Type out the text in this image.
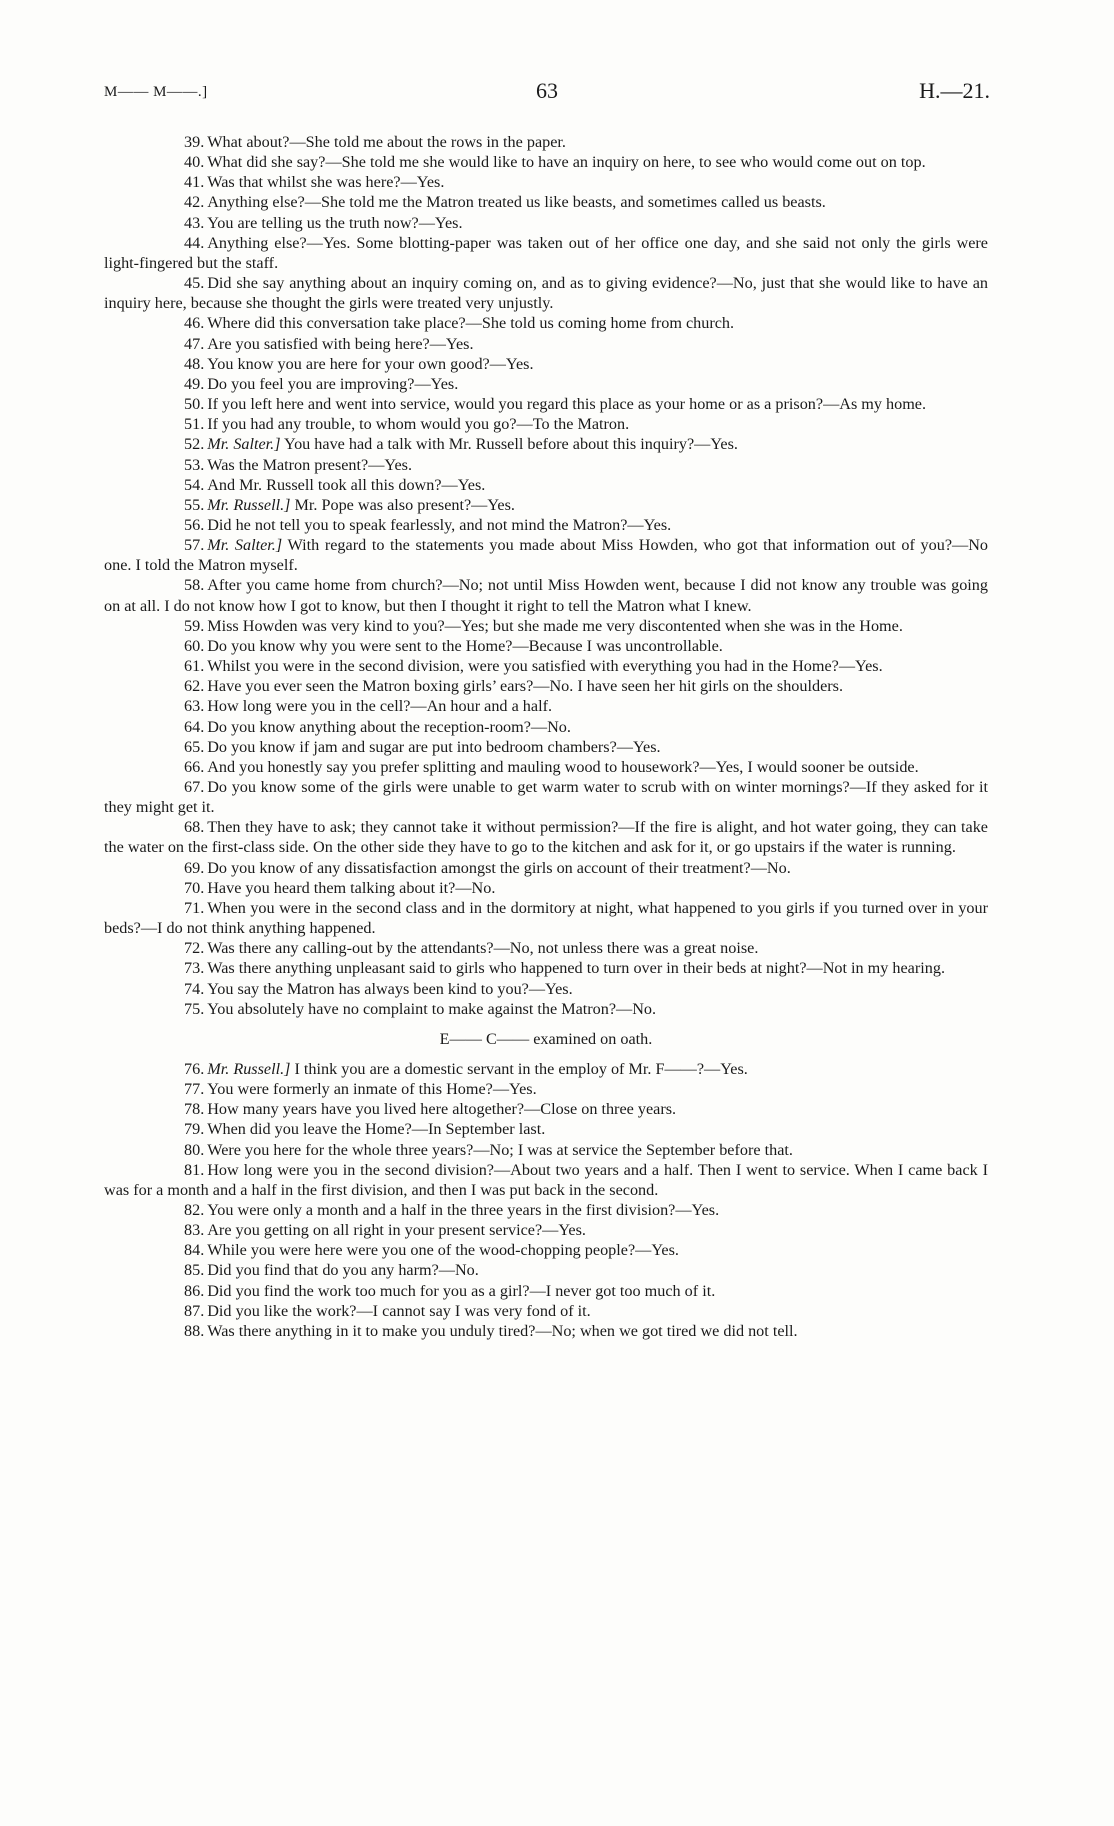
M—— M——.]	63	H.—21.

39. What about?—She told me about the rows in the paper.

40. What did she say?—She told me she would like to have an inquiry on here, to see who would come out on top.

41. Was that whilst she was here?—Yes.

42. Anything else?—She told me the Matron treated us like beasts, and sometimes called us beasts.

43. You are telling us the truth now?—Yes.

44. Anything else?—Yes. Some blotting-paper was taken out of her office one day, and she said not only the girls were light-fingered but the staff.

45. Did she say anything about an inquiry coming on, and as to giving evidence?—No, just that she would like to have an inquiry here, because she thought the girls were treated very unjustly.

46. Where did this conversation take place?—She told us coming home from church.

47. Are you satisfied with being here?—Yes.

48. You know you are here for your own good?—Yes.

49. Do you feel you are improving?—Yes.

50. If you left here and went into service, would you regard this place as your home or as a prison?—As my home.

51. If you had any trouble, to whom would you go?—To the Matron.

52. Mr. Salter.] You have had a talk with Mr. Russell before about this inquiry?—Yes.

53. Was the Matron present?—Yes.

54. And Mr. Russell took all this down?—Yes.

55. Mr. Russell.] Mr. Pope was also present?—Yes.

56. Did he not tell you to speak fearlessly, and not mind the Matron?—Yes.

57. Mr. Salter.] With regard to the statements you made about Miss Howden, who got that information out of you?—No one. I told the Matron myself.

58. After you came home from church?—No; not until Miss Howden went, because I did not know any trouble was going on at all. I do not know how I got to know, but then I thought it right to tell the Matron what I knew.

59. Miss Howden was very kind to you?—Yes; but she made me very discontented when she was in the Home.

60. Do you know why you were sent to the Home?—Because I was uncontrollable.

61. Whilst you were in the second division, were you satisfied with everything you had in the Home?—Yes.

62. Have you ever seen the Matron boxing girls’ ears?—No. I have seen her hit girls on the shoulders.

63. How long were you in the cell?—An hour and a half.

64. Do you know anything about the reception-room?—No.

65. Do you know if jam and sugar are put into bedroom chambers?—Yes.

66. And you honestly say you prefer splitting and mauling wood to housework?—Yes, I would sooner be outside.

67. Do you know some of the girls were unable to get warm water to scrub with on winter mornings?—If they asked for it they might get it.

68. Then they have to ask; they cannot take it without permission?—If the fire is alight, and hot water going, they can take the water on the first-class side. On the other side they have to go to the kitchen and ask for it, or go upstairs if the water is running.

69. Do you know of any dissatisfaction amongst the girls on account of their treatment?—No.

70. Have you heard them talking about it?—No.

71. When you were in the second class and in the dormitory at night, what happened to you girls if you turned over in your beds?—I do not think anything happened.

72. Was there any calling-out by the attendants?—No, not unless there was a great noise.

73. Was there anything unpleasant said to girls who happened to turn over in their beds at night?—Not in my hearing.

74. You say the Matron has always been kind to you?—Yes.

75. You absolutely have no complaint to make against the Matron?—No.

E—— C—— examined on oath.

76. Mr. Russell.] I think you are a domestic servant in the employ of Mr. F——?—Yes.

77. You were formerly an inmate of this Home?—Yes.

78. How many years have you lived here altogether?—Close on three years.

79. When did you leave the Home?—In September last.

80. Were you here for the whole three years?—No; I was at service the September before that.

81. How long were you in the second division?—About two years and a half. Then I went to service. When I came back I was for a month and a half in the first division, and then I was put back in the second.

82. You were only a month and a half in the three years in the first division?—Yes.

83. Are you getting on all right in your present service?—Yes.

84. While you were here were you one of the wood-chopping people?—Yes.

85. Did you find that do you any harm?—No.

86. Did you find the work too much for you as a girl?—I never got too much of it.

87. Did you like the work?—I cannot say I was very fond of it.

88. Was there anything in it to make you unduly tired?—No; when we got tired we did not tell.
